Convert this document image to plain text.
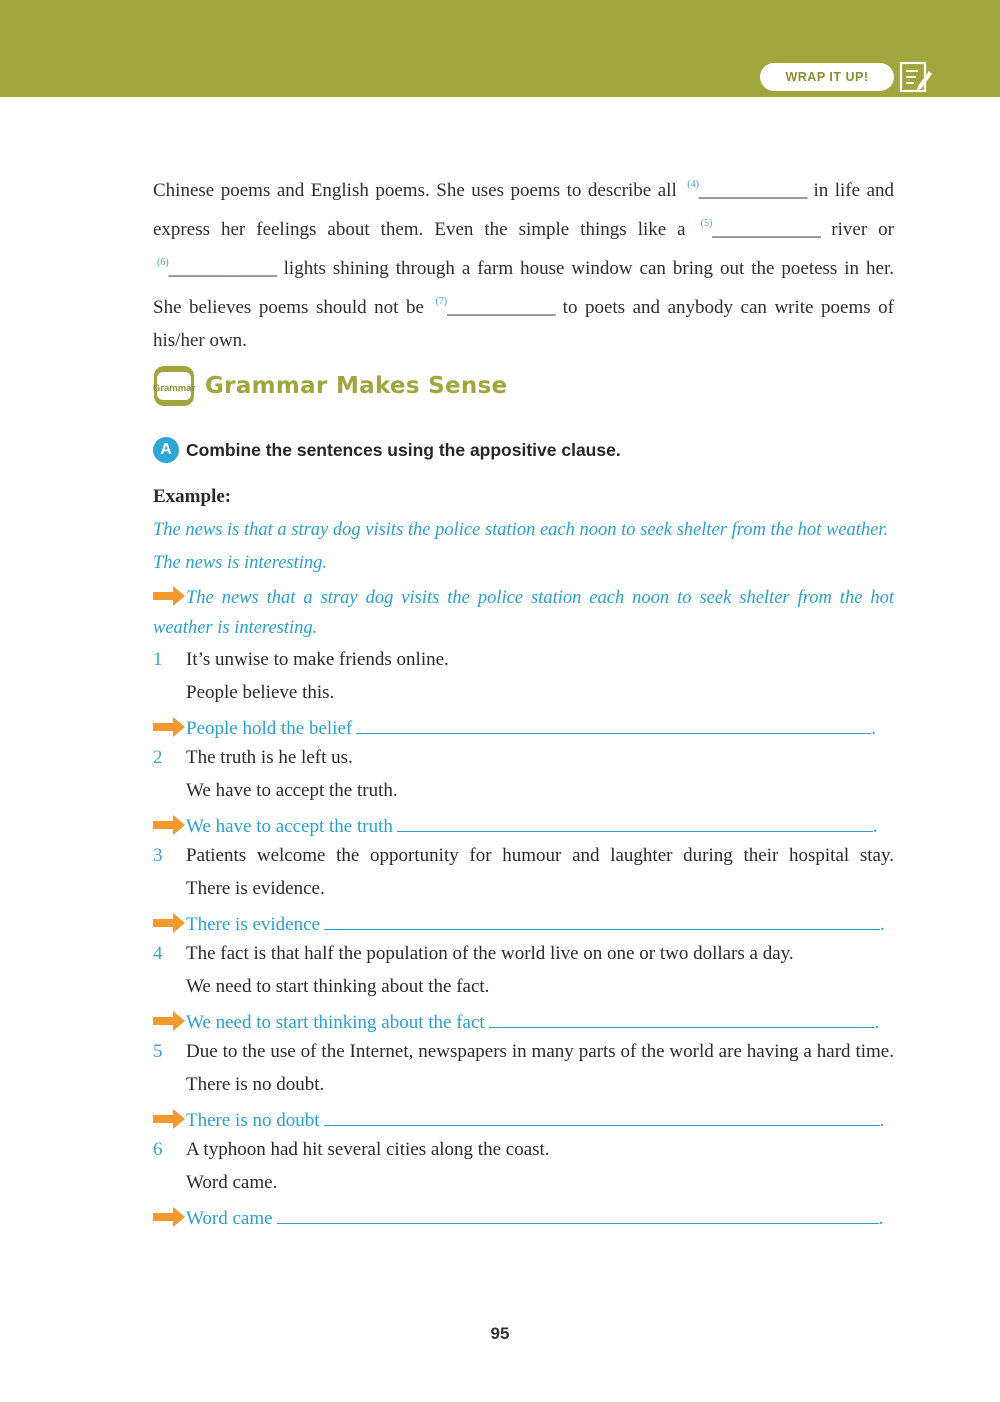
WRAP IT UP!
Chinese poems and English poems. She uses poems to describe all $^{(4)}$____________ in life and express her feelings about them. Even the simple things like a $^{(5)}$____________ river or $^{(6)}$____________ lights shining through a farm house window can bring out the poetess in her. She believes poems should not be $^{(7)}$____________ to poets and anybody can write poems of his/her own.
Grammar Grammar Makes Sense
A Combine the sentences using the appositive clause.
Example:
The news is that a stray dog visits the police station each noon to seek shelter from the hot weather.
The news is interesting.
The news that a stray dog visits the police station each noon to seek shelter from the hot weather is interesting.
1 It’s unwise to make friends online.
People believe this.
People hold the belief	.
2 The truth is he left us.
We have to accept the truth.
We have to accept the truth	.
3 Patients welcome the opportunity for humour and laughter during their hospital stay.
There is evidence.
There is evidence	.
4 The fact is that half the population of the world live on one or two dollars a day.
We need to start thinking about the fact.
We need to start thinking about the fact	.
5 Due to the use of the Internet, newspapers in many parts of the world are having a hard time.
There is no doubt.
There is no doubt	.
6 A typhoon had hit several cities along the coast.
Word came.
Word came	.
95
